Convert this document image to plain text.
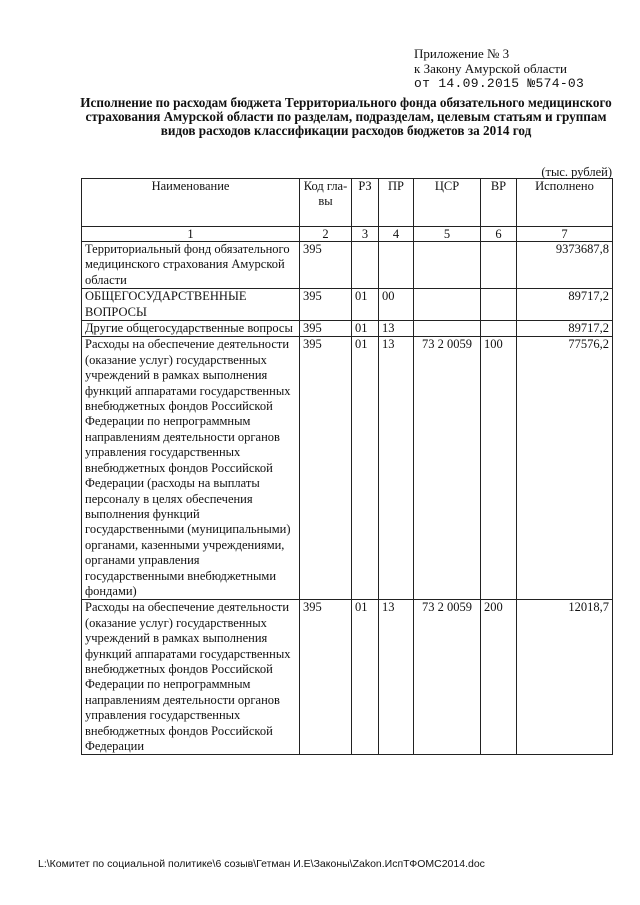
Приложение № 3
к Закону Амурской области
от 14.09.2015 №574-03
Исполнение по расходам бюджета Территориального фонда обязательного медицинского страхования Амурской области по разделам, подразделам, целевым статьям и группам видов расходов классификации расходов бюджетов за 2014 год
(тыс. рублей)
Наименование	Код гла-вы	РЗ	ПР	ЦСР	ВР	Исполнено
1	2	3	4	5	6	7
Территориальный фонд обязательного медицинского страхования Амурской области	395					9373687,8
ОБЩЕГОСУДАРСТВЕННЫЕ ВОПРОСЫ	395	01	00			89717,2
Другие общегосударственные вопросы	395	01	13			89717,2
Расходы на обеспечение деятельности (оказание услуг) государственных учреждений в рамках выполнения функций аппаратами государственных внебюджетных фондов Российской Федерации по непрограммным направлениям деятельности органов управления государственных внебюджетных фондов Российской Федерации (расходы на выплаты персоналу в целях обеспечения выполнения функций государственными (муниципальными) органами, казенными учреждениями, органами управления государственными внебюджетными фондами)	395	01	13	73 2 0059	100	77576,2
Расходы на обеспечение деятельности (оказание услуг) государственных учреждений в рамках выполнения функций аппаратами государственных внебюджетных фондов Российской Федерации по непрограммным направлениям деятельности органов управления государственных внебюджетных фондов Российской Федерации	395	01	13	73 2 0059	200	12018,7
L:\Комитет по социальной политике\6 созыв\Гетман И.Е\Законы\Zakon.ИспТФОМС2014.doc
